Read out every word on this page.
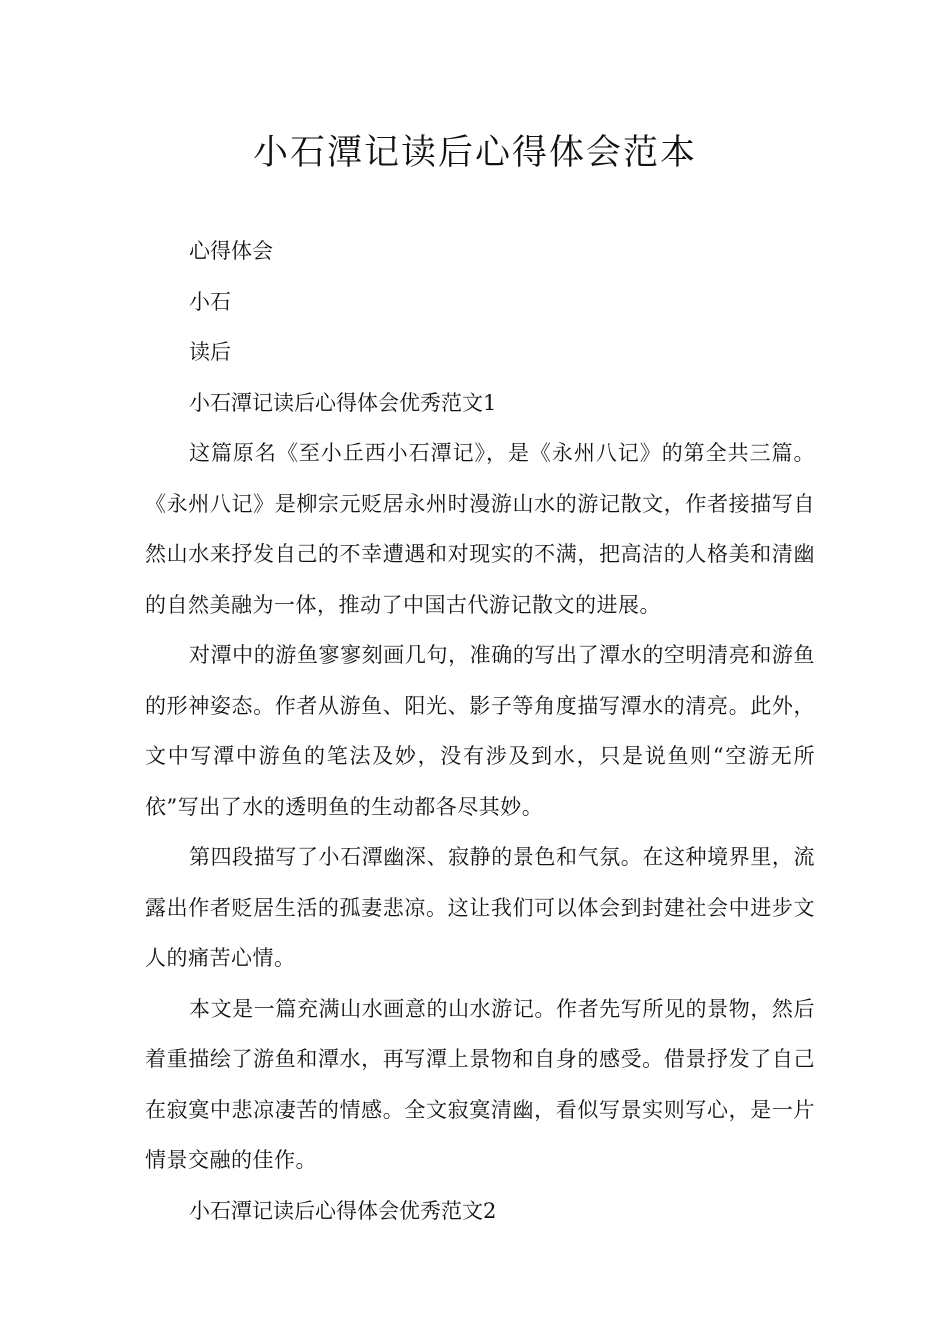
小石潭记读后心得体会范本
心得体会
小石
读后
小石潭记读后心得体会优秀范文1

这篇原名《至小丘西小石潭记》，是《永州八记》的第全共三篇。《永州八记》是柳宗元贬居永州时漫游山水的游记散文，作者接描写自然山水来抒发自己的不幸遭遇和对现实的不满，把高洁的人格美和清幽的自然美融为一体，推动了中国古代游记散文的进展。

对潭中的游鱼寥寥刻画几句，准确的写出了潭水的空明清亮和游鱼的形神姿态。作者从游鱼、阳光、影子等角度描写潭水的清亮。此外，文中写潭中游鱼的笔法及妙，没有涉及到水，只是说鱼则“空游无所依”写出了水的透明鱼的生动都各尽其妙。

第四段描写了小石潭幽深、寂静的景色和气氛。在这种境界里，流露出作者贬居生活的孤妻悲凉。这让我们可以体会到封建社会中进步文人的痛苦心情。

本文是一篇充满山水画意的山水游记。作者先写所见的景物，然后着重描绘了游鱼和潭水，再写潭上景物和自身的感受。借景抒发了自己在寂寞中悲凉凄苦的情感。全文寂寞清幽，看似写景实则写心，是一片情景交融的佳作。

小石潭记读后心得体会优秀范文2
